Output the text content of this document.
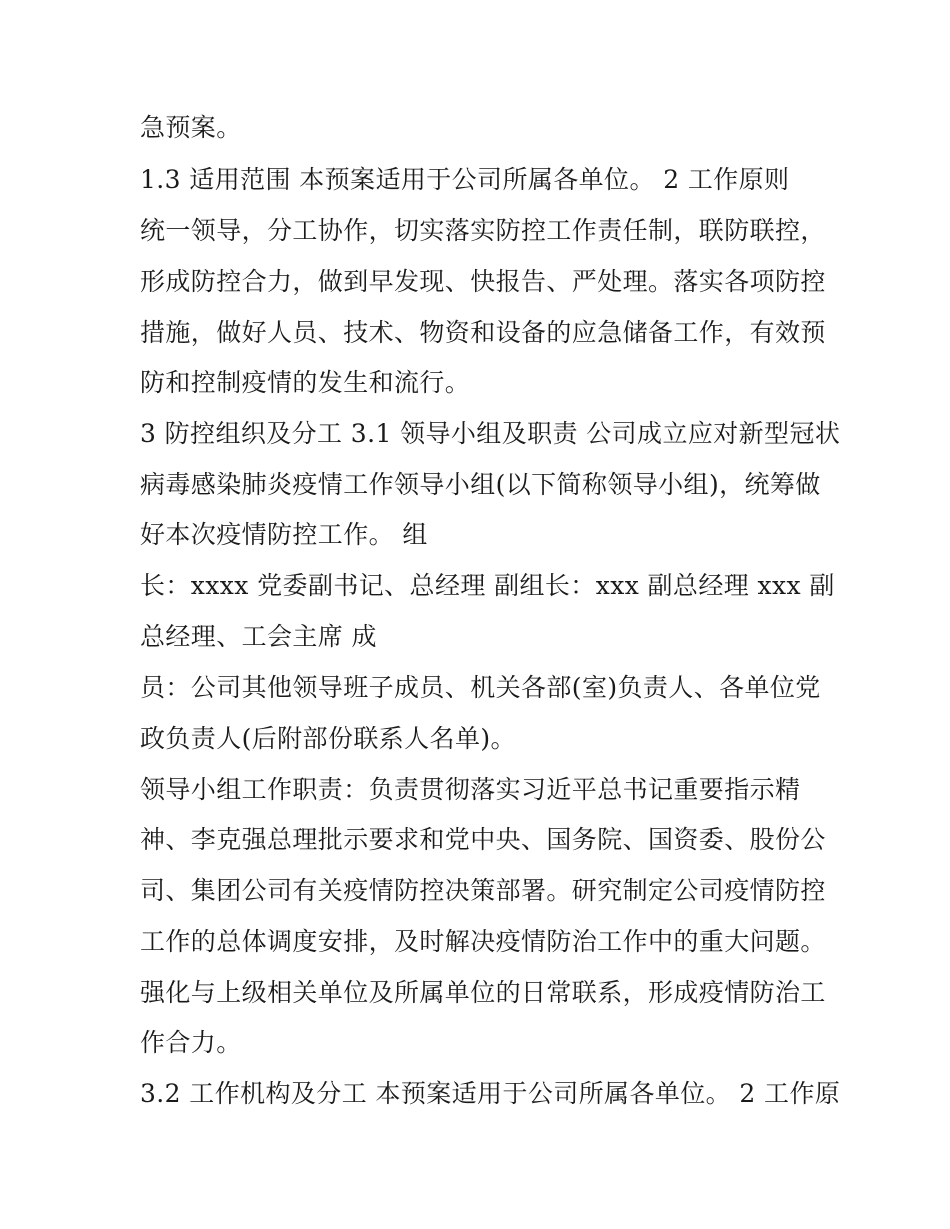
急预案。

1.3 适用范围 本预案适用于公司所属各单位。 2 工作原则

统一领导，分工协作，切实落实防控工作责任制，联防联控，

形成防控合力，做到早发现、快报告、严处理。落实各项防控

措施，做好人员、技术、物资和设备的应急储备工作，有效预

防和控制疫情的发生和流行。

3 防控组织及分工 3.1 领导小组及职责 公司成立应对新型冠状

病毒感染肺炎疫情工作领导小组(以下简称领导小组)，统筹做

好本次疫情防控工作。 组

长：xxxx 党委副书记、总经理 副组长：xxx 副总经理 xxx 副

总经理、工会主席 成

员：公司其他领导班子成员、机关各部(室)负责人、各单位党

政负责人(后附部份联系人名单)。

领导小组工作职责：负责贯彻落实习近平总书记重要指示精

神、李克强总理批示要求和党中央、国务院、国资委、股份公

司、集团公司有关疫情防控决策部署。研究制定公司疫情防控

工作的总体调度安排，及时解决疫情防治工作中的重大问题。

强化与上级相关单位及所属单位的日常联系，形成疫情防治工

作合力。

3.2 工作机构及分工 本预案适用于公司所属各单位。 2 工作原
